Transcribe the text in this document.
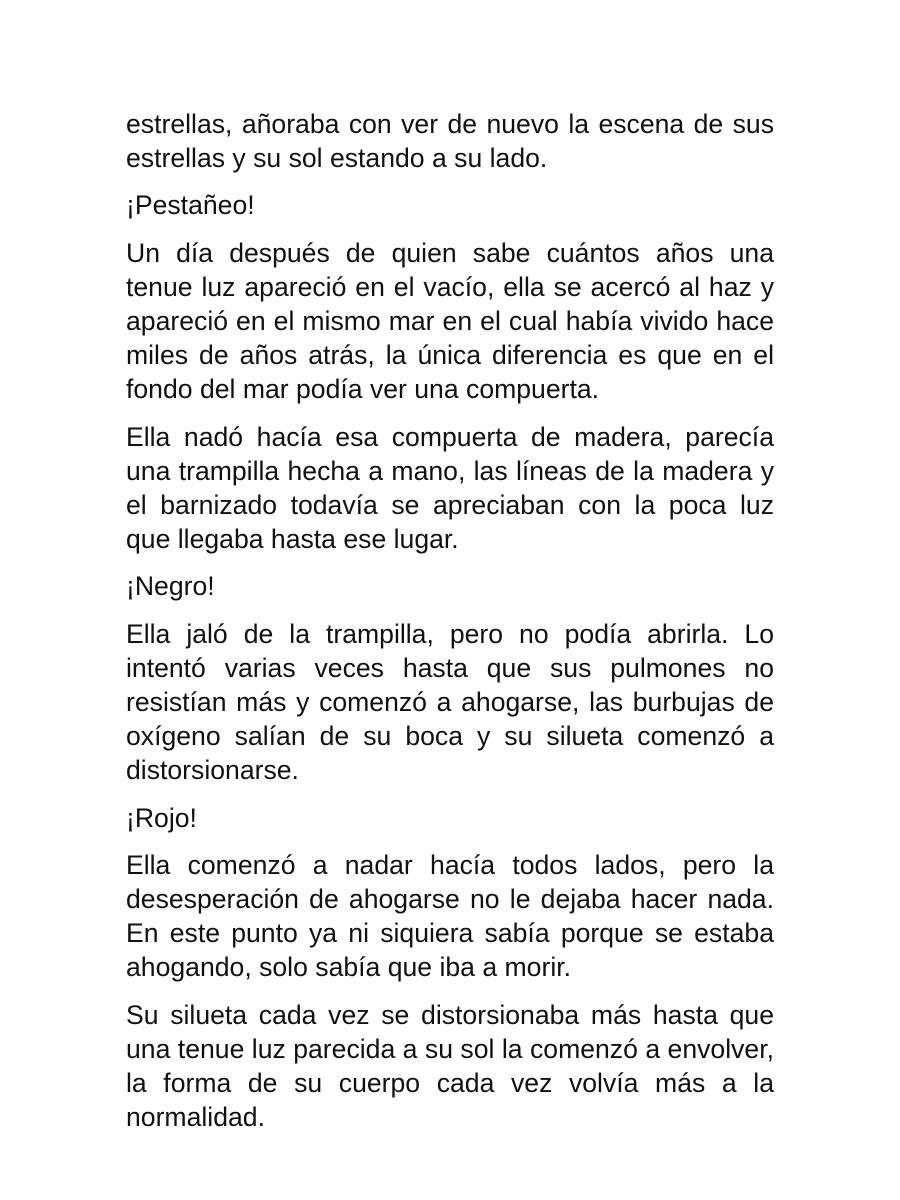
estrellas, añoraba con ver de nuevo la escena de sus estrellas y su sol estando a su lado.

¡Pestañeo!

Un día después de quien sabe cuántos años una tenue luz apareció en el vacío, ella se acercó al haz y apareció en el mismo mar en el cual había vivido hace miles de años atrás, la única diferencia es que en el fondo del mar podía ver una compuerta.

Ella nadó hacía esa compuerta de madera, parecía una trampilla hecha a mano, las líneas de la madera y el barnizado todavía se apreciaban con la poca luz que llegaba hasta ese lugar.

¡Negro!

Ella jaló de la trampilla, pero no podía abrirla. Lo intentó varias veces hasta que sus pulmones no resistían más y comenzó a ahogarse, las burbujas de oxígeno salían de su boca y su silueta comenzó a distorsionarse.

¡Rojo!

Ella comenzó a nadar hacía todos lados, pero la desesperación de ahogarse no le dejaba hacer nada. En este punto ya ni siquiera sabía porque se estaba ahogando, solo sabía que iba a morir.

Su silueta cada vez se distorsionaba más hasta que una tenue luz parecida a su sol la comenzó a envolver, la forma de su cuerpo cada vez volvía más a la normalidad.
